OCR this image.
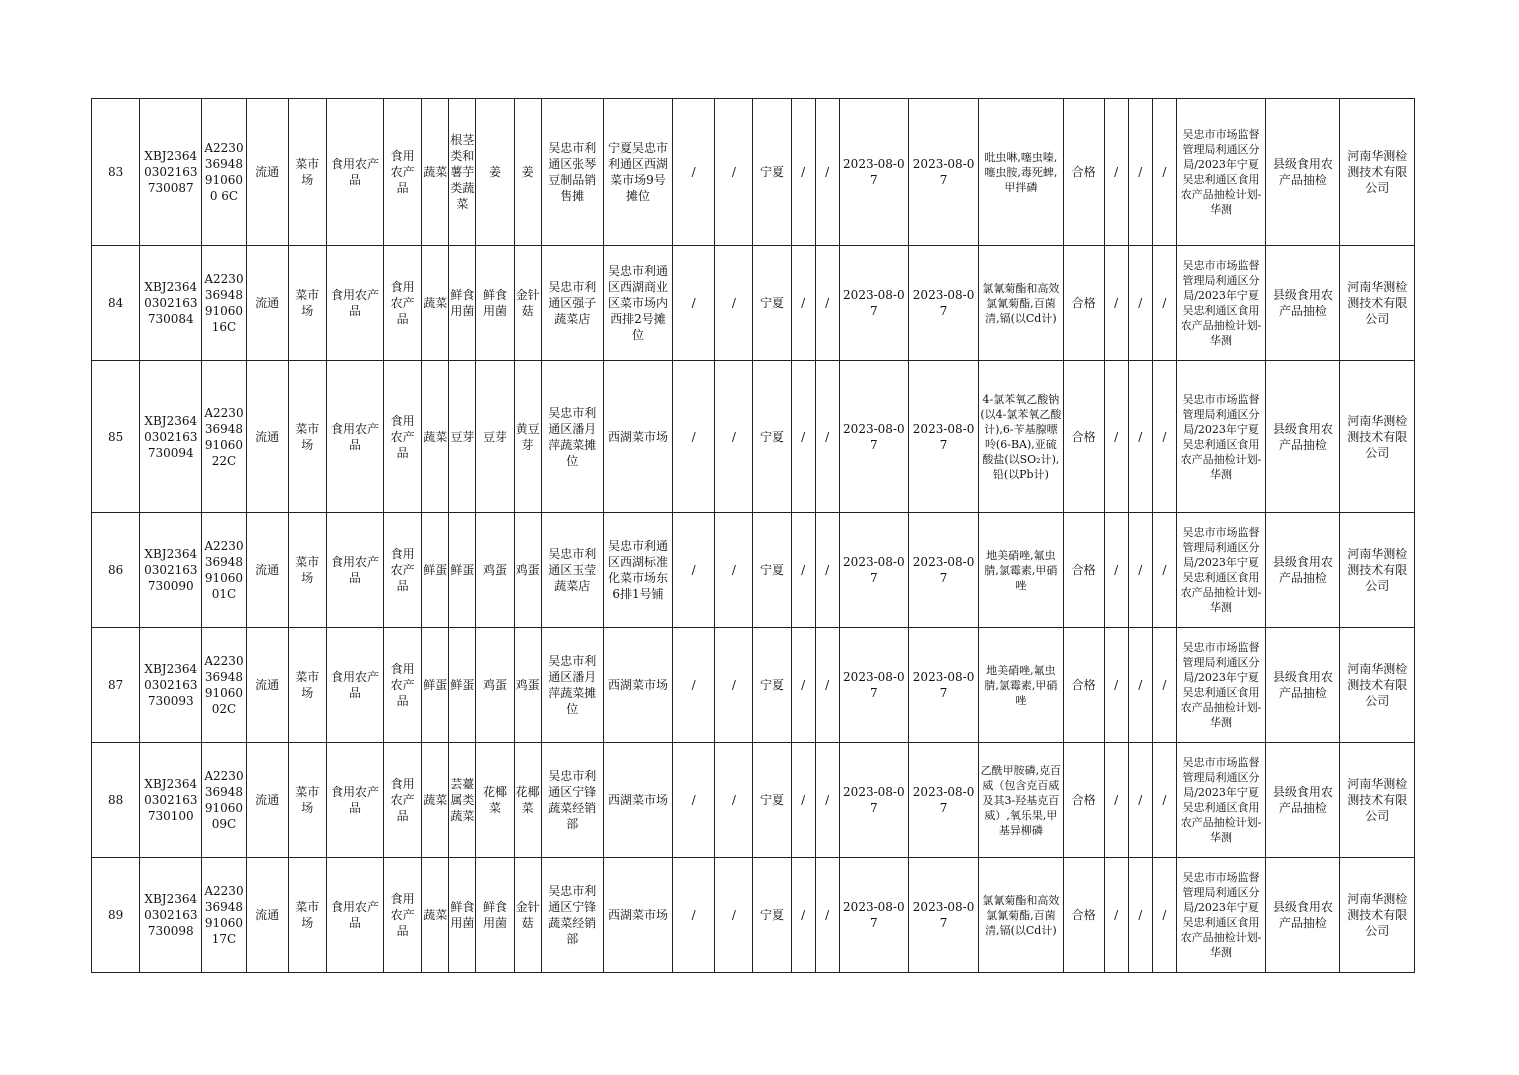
83	XBJ23640302163730087	A223036948910600 6C	流通	菜市场	食用农产品	食用农产品	蔬菜	根茎类和薯芋类蔬菜	姜	姜	吴忠市利通区张琴豆制品销售摊	宁夏吴忠市利通区西湖菜市场9号摊位	/	/	宁夏	/	/	2023-08-07	2023-08-07	吡虫啉,噻虫嗪,噻虫胺,毒死蜱,甲拌磷	合格	/	/	/	吴忠市市场监督管理局利通区分局/2023年宁夏吴忠利通区食用农产品抽检计划-华测	县级食用农产品抽检	河南华测检测技术有限公司
84	XBJ23640302163730084	A2230369489106016C	流通	菜市场	食用农产品	食用农产品	蔬菜	鲜食用菌	鲜食用菌	金针菇	吴忠市利通区强子蔬菜店	吴忠市利通区西湖商业区菜市场内西排2号摊位	/	/	宁夏	/	/	2023-08-07	2023-08-07	氯氰菊酯和高效氯氰菊酯,百菌清,镉(以Cd计)	合格	/	/	/	吴忠市市场监督管理局利通区分局/2023年宁夏吴忠利通区食用农产品抽检计划-华测	县级食用农产品抽检	河南华测检测技术有限公司
85	XBJ23640302163730094	A2230369489106022C	流通	菜市场	食用农产品	食用农产品	蔬菜	豆芽	豆芽	黄豆芽	吴忠市利通区潘月萍蔬菜摊位	西湖菜市场	/	/	宁夏	/	/	2023-08-07	2023-08-07	4-氯苯氧乙酸钠(以4-氯苯氧乙酸计),6-苄基腺嘌呤(6-BA),亚硫酸盐(以SO₂计),铅(以Pb计)	合格	/	/	/	吴忠市市场监督管理局利通区分局/2023年宁夏吴忠利通区食用农产品抽检计划-华测	县级食用农产品抽检	河南华测检测技术有限公司
86	XBJ23640302163730090	A2230369489106001C	流通	菜市场	食用农产品	食用农产品	鲜蛋	鲜蛋	鸡蛋	鸡蛋	吴忠市利通区玉莹蔬菜店	吴忠市利通区西湖标准化菜市场东6排1号铺	/	/	宁夏	/	/	2023-08-07	2023-08-07	地美硝唑,氟虫腈,氯霉素,甲硝唑	合格	/	/	/	吴忠市市场监督管理局利通区分局/2023年宁夏吴忠利通区食用农产品抽检计划-华测	县级食用农产品抽检	河南华测检测技术有限公司
87	XBJ23640302163730093	A2230369489106002C	流通	菜市场	食用农产品	食用农产品	鲜蛋	鲜蛋	鸡蛋	鸡蛋	吴忠市利通区潘月萍蔬菜摊位	西湖菜市场	/	/	宁夏	/	/	2023-08-07	2023-08-07	地美硝唑,氟虫腈,氯霉素,甲硝唑	合格	/	/	/	吴忠市市场监督管理局利通区分局/2023年宁夏吴忠利通区食用农产品抽检计划-华测	县级食用农产品抽检	河南华测检测技术有限公司
88	XBJ23640302163730100	A2230369489106009C	流通	菜市场	食用农产品	食用农产品	蔬菜	芸薹属类蔬菜	花椰菜	花椰菜	吴忠市利通区宁锋蔬菜经销部	西湖菜市场	/	/	宁夏	/	/	2023-08-07	2023-08-07	乙酰甲胺磷,克百威（包含克百威及其3-羟基克百威）,氧乐果,甲基异柳磷	合格	/	/	/	吴忠市市场监督管理局利通区分局/2023年宁夏吴忠利通区食用农产品抽检计划-华测	县级食用农产品抽检	河南华测检测技术有限公司
89	XBJ23640302163730098	A2230369489106017C	流通	菜市场	食用农产品	食用农产品	蔬菜	鲜食用菌	鲜食用菌	金针菇	吴忠市利通区宁锋蔬菜经销部	西湖菜市场	/	/	宁夏	/	/	2023-08-07	2023-08-07	氯氰菊酯和高效氯氰菊酯,百菌清,镉(以Cd计)	合格	/	/	/	吴忠市市场监督管理局利通区分局/2023年宁夏吴忠利通区食用农产品抽检计划-华测	县级食用农产品抽检	河南华测检测技术有限公司
